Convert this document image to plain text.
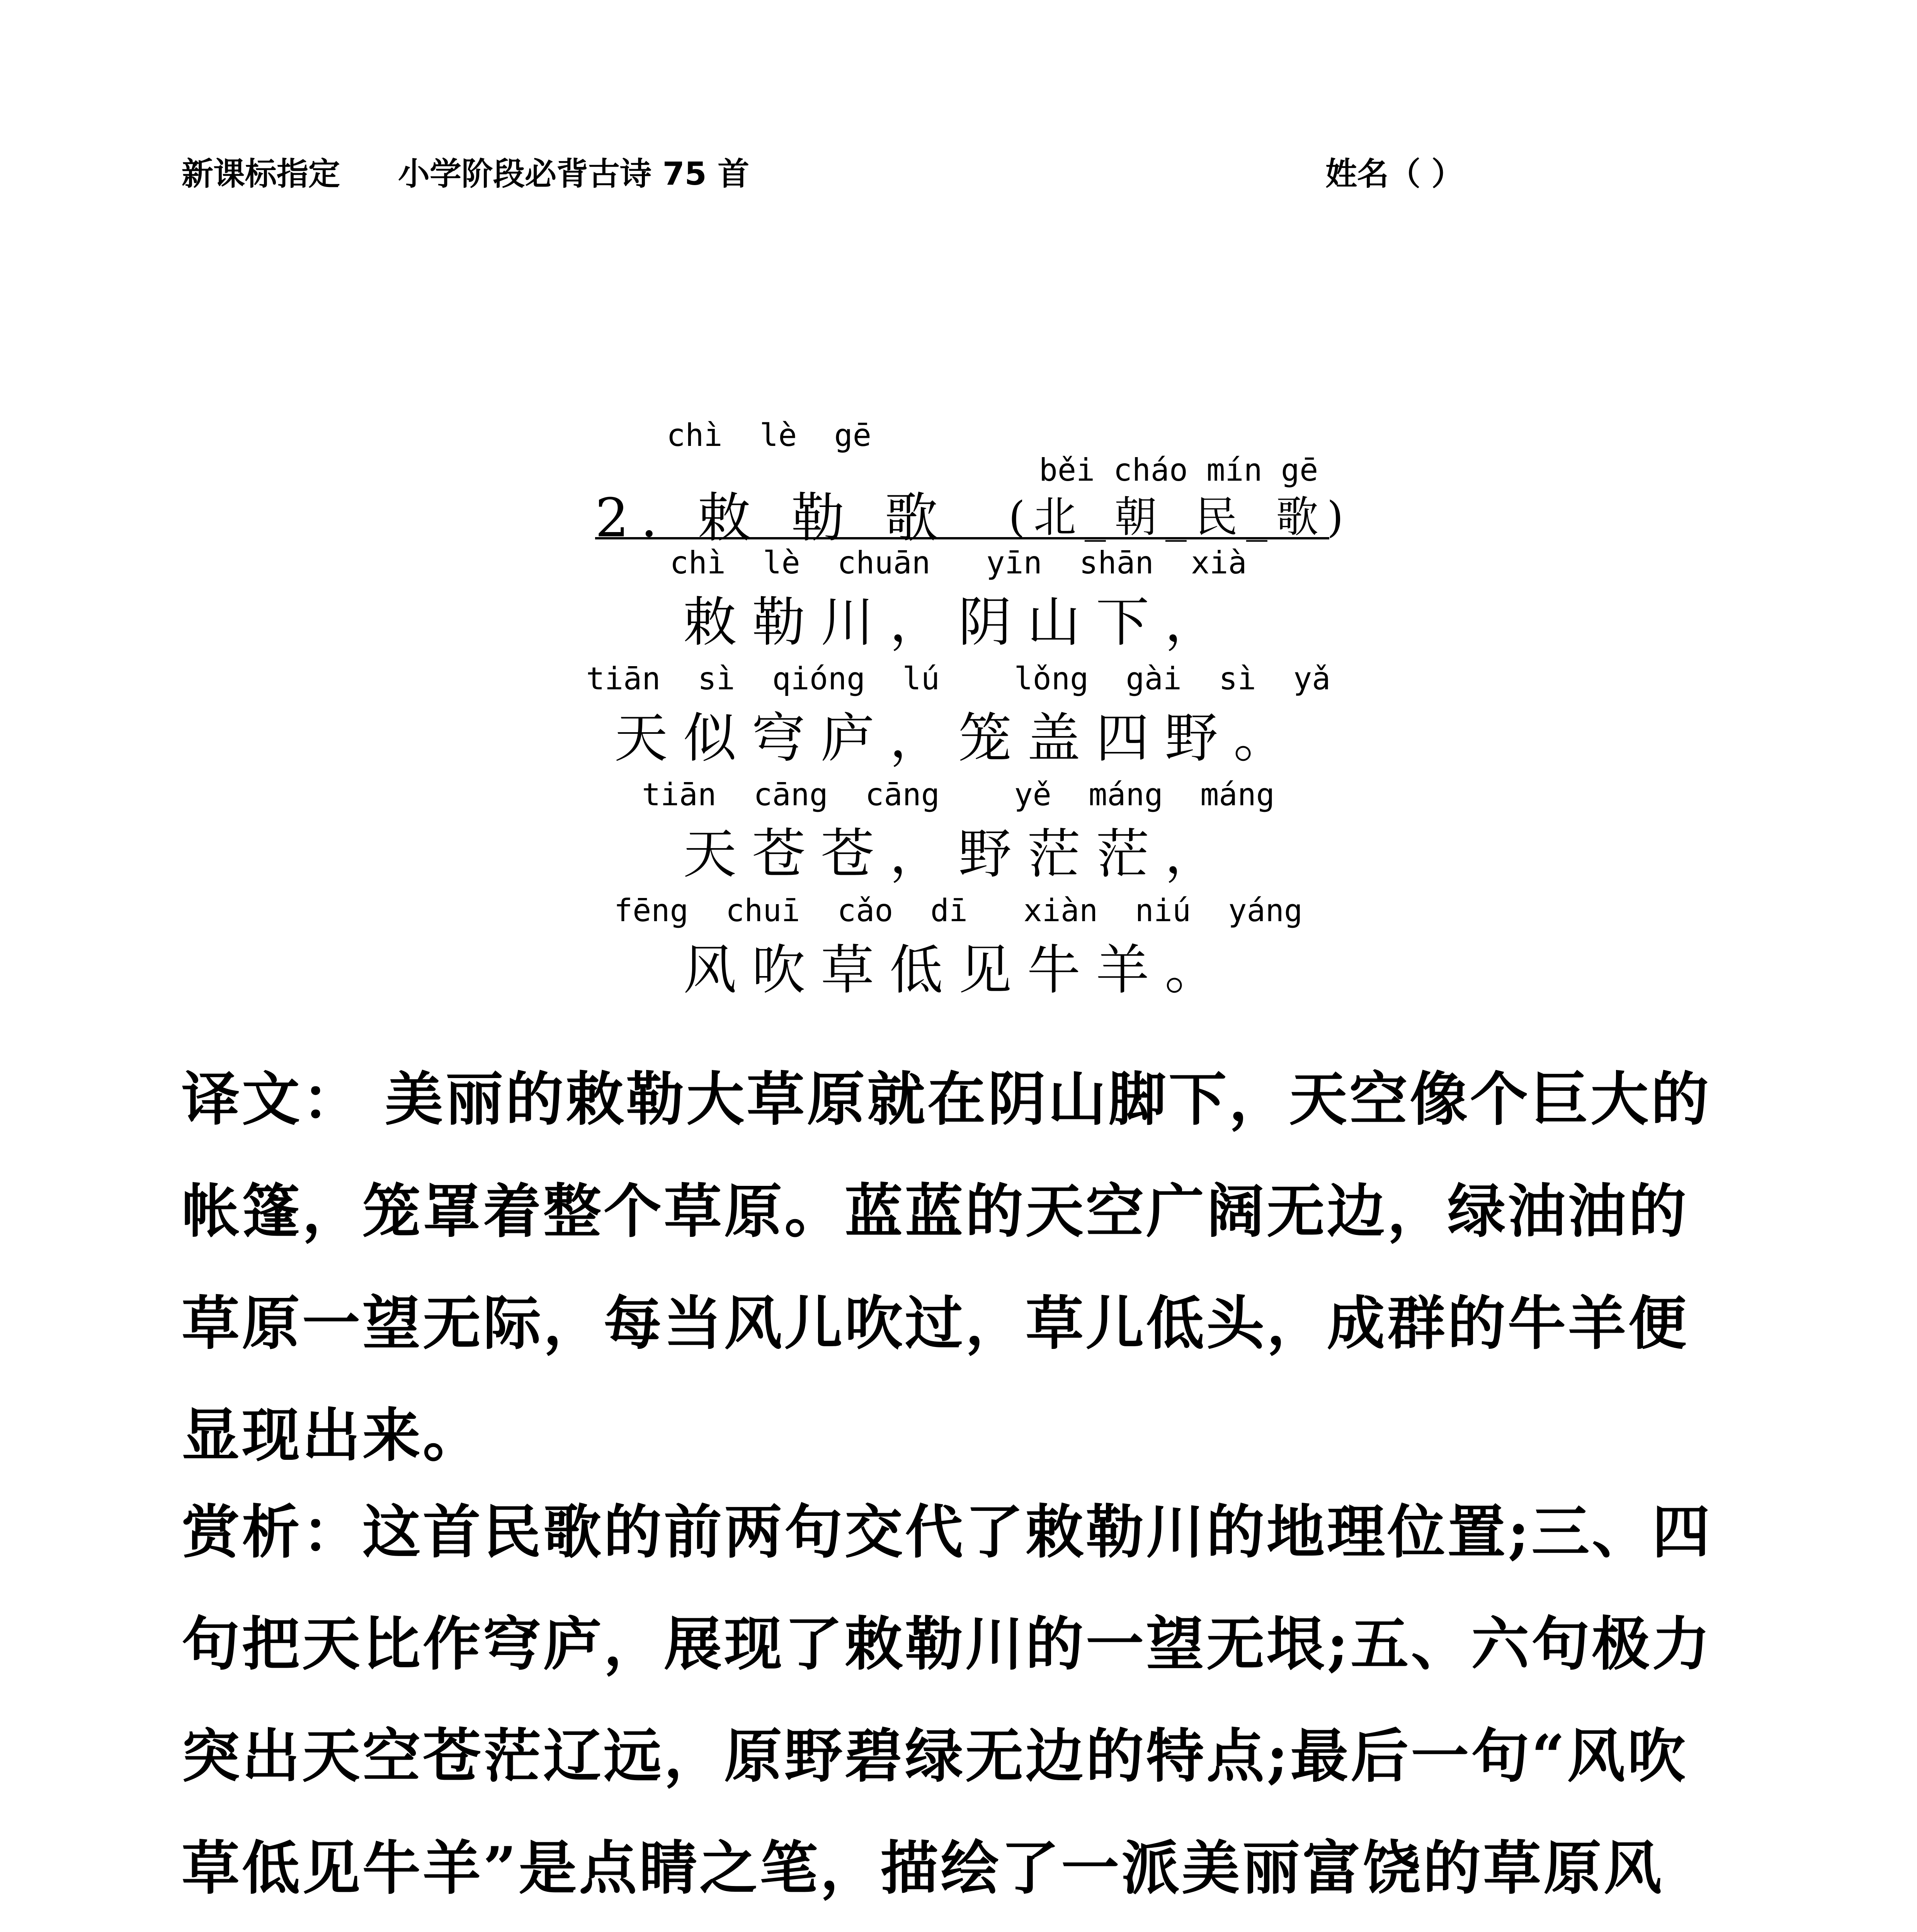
新课标指定 小学阶段必背古诗 75 首	姓名（ ）
chì  lè  gē
běi cháo mín gē
2. 敕 勒 歌 (北_朝_民_歌)
chì  lè  chuān   yīn  shān  xià
敕勒川，阴山下，
tiān  sì  qióng  lú    lǒng  gài  sì  yǎ
天似穹庐，笼盖四野。
tiān  cāng  cāng    yě  máng  máng
天苍苍，野茫茫，
fēng  chuī  cǎo  dī   xiàn  niú  yáng
风吹草低见牛羊。
译文： 美丽的敕勒大草原就在阴山脚下，天空像个巨大的帐篷，笼罩着整个草原。蓝蓝的天空广阔无边，绿油油的草原一望无际，每当风儿吹过，草儿低头，成群的牛羊便显现出来。
赏析：这首民歌的前两句交代了敕勒川的地理位置;三、四句把天比作穹庐，展现了敕勒川的一望无垠;五、六句极力突出天空苍茫辽远，原野碧绿无边的特点;最后一句“风吹草低见牛羊”是点睛之笔，描绘了一派美丽富饶的草原风
